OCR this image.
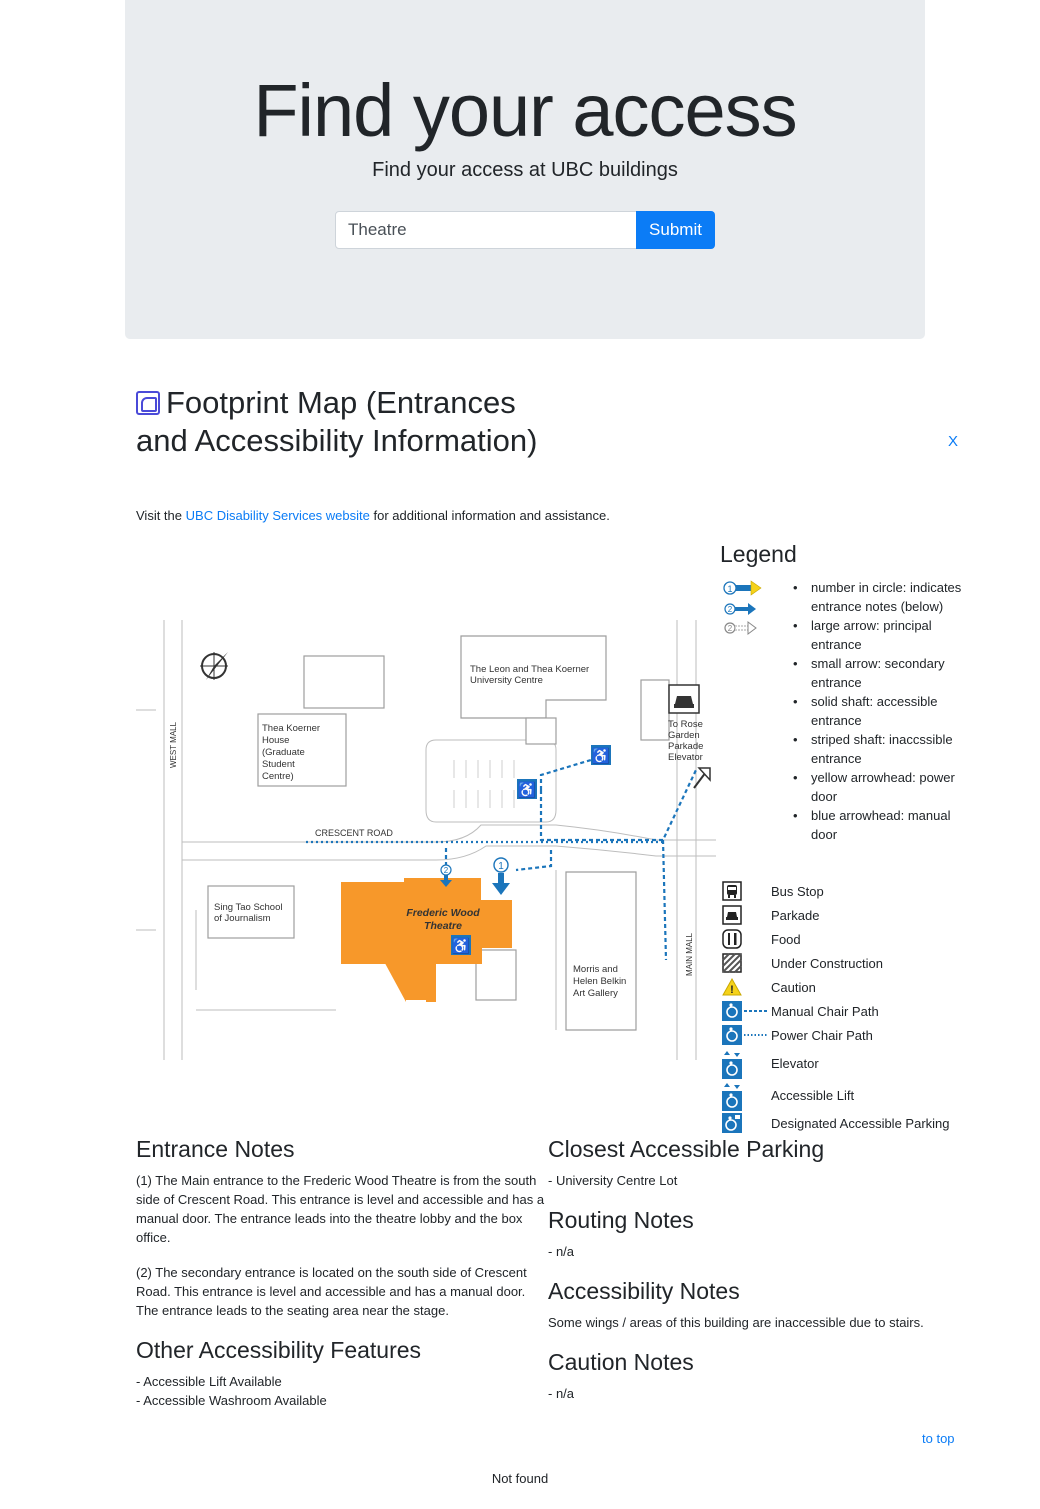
Find your access

Find your access at UBC buildings

Theatre
Submit
Footprint Map (Entrances and Accessibility Information)	X

Visit the UBC Disability Services website for additional information and assistance.

Frederic Wood
Theatre
♿
♿
♿
1
2
The Leon and Thea Koerner
University Centre
Thea Koerner
House
(Graduate
Student
Centre)
To Rose
Garden
Parkade
Elevator
CRESCENT ROAD
Sing Tao School
of Journalism
Morris and
Helen Belkin
Art Gallery
WEST MALL
MAIN MALL
Legend
1
2
2
• number in circle: indicates entrance notes (below)
• large arrow: principal entrance
• small arrow: secondary entrance
• solid shaft: accessible entrance
• striped shaft: inaccssible entrance
• yellow arrowhead: power door
• blue arrowhead: manual door
Bus Stop
Parkade
Food
Under Construction
!	Caution
Manual Chair Path
Power Chair Path
Elevator
Accessible Lift
Designated Accessible Parking
Entrance Notes

(1) The Main entrance to the Frederic Wood Theatre is from the south side of Crescent Road. This entrance is level and accessible and has a manual door. The entrance leads into the theatre lobby and the box office.

(2) The secondary entrance is located on the south side of Crescent Road. This entrance is level and accessible and has a manual door. The entrance leads to the seating area near the stage.

Other Accessibility Features

- Accessible Lift Available

- Accessible Washroom Available

Closest Accessible Parking

- University Centre Lot

Routing Notes

- n/a

Accessibility Notes

Some wings / areas of this building are inaccessible due to stairs.

Caution Notes

- n/a

to top
Not found
